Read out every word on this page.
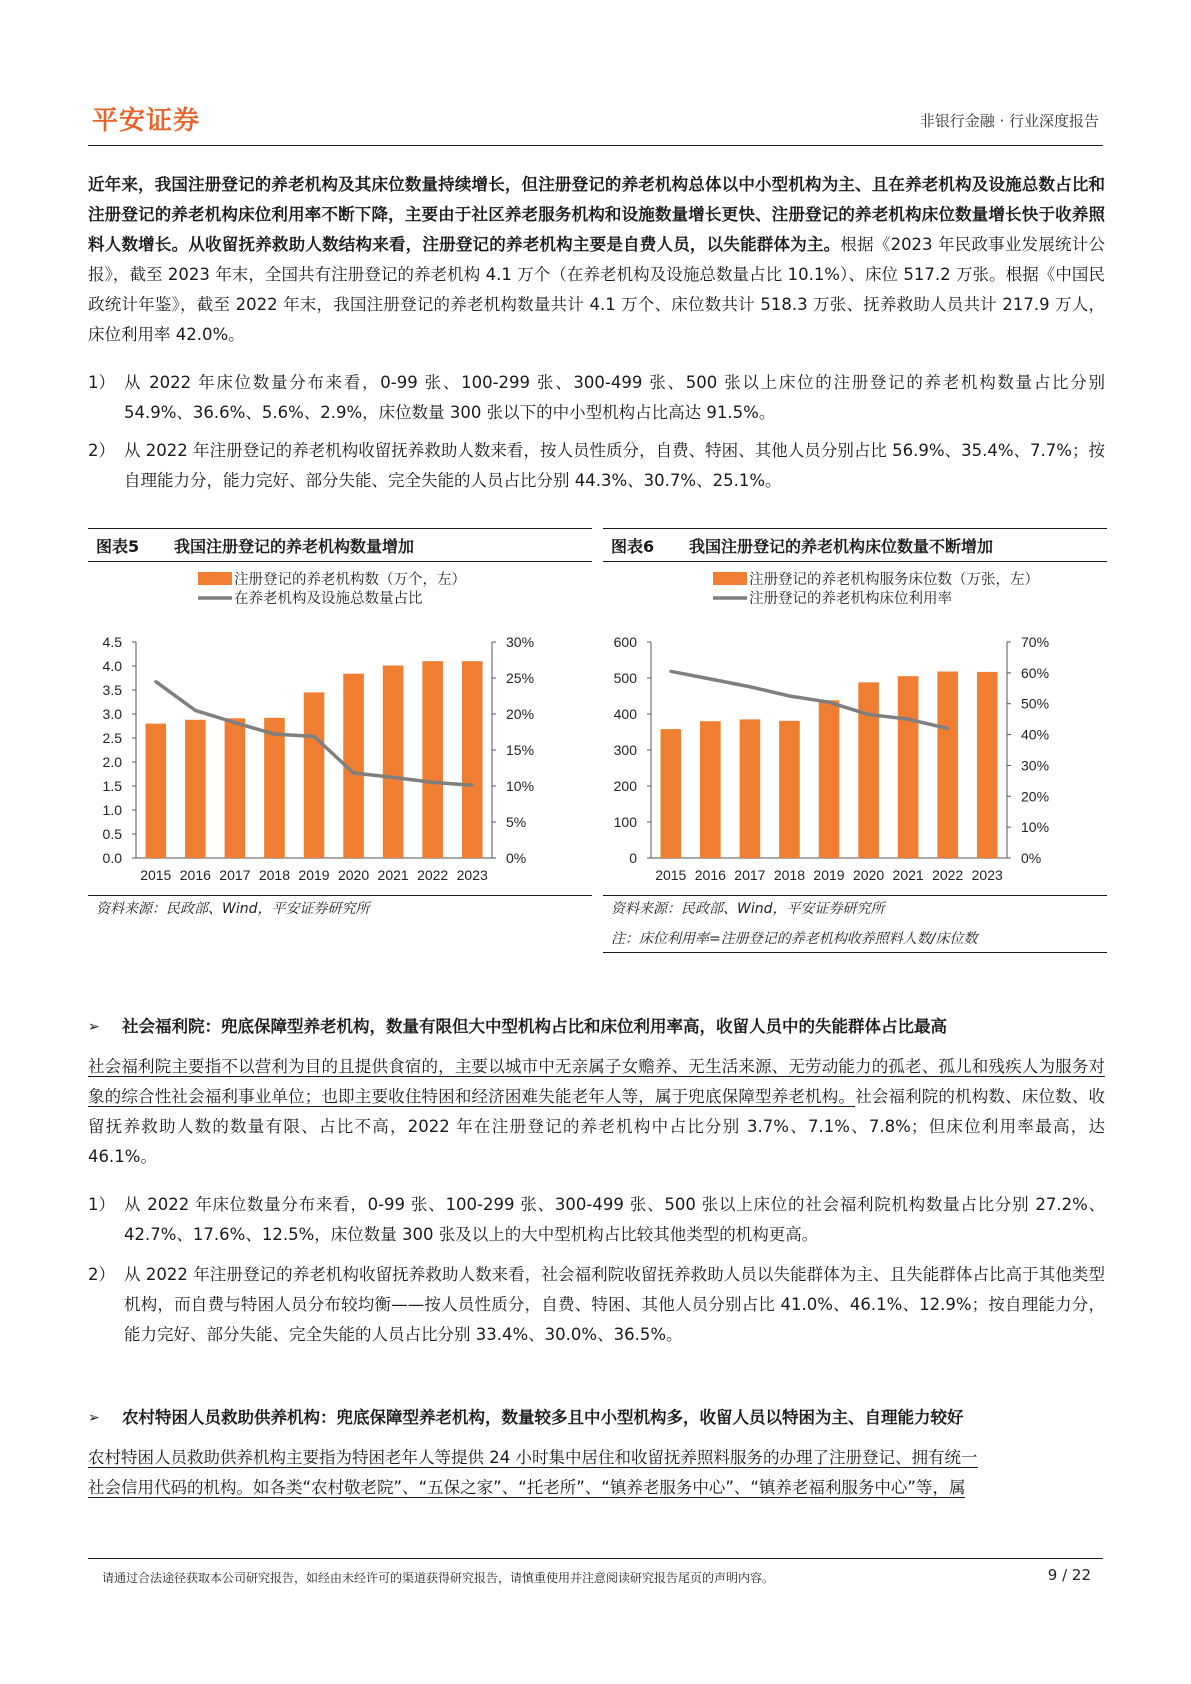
平安证券	非银行金融 · 行业深度报告
近年来，我国注册登记的养老机构及其床位数量持续增长，但注册登记的养老机构总体以中小型机构为主、且在养老机构及设施总数占比和注册登记的养老机构床位利用率不断下降，主要由于社区养老服务机构和设施数量增长更快、注册登记的养老机构床位数量增长快于收养照料人数增长。从收留抚养救助人数结构来看，注册登记的养老机构主要是自费人员，以失能群体为主。根据《2023 年民政事业发展统计公报》，截至 2023 年末，全国共有注册登记的养老机构 4.1 万个（在养老机构及设施总数量占比 10.1%）、床位 517.2 万张。根据《中国民政统计年鉴》，截至 2022 年末，我国注册登记的养老机构数量共计 4.1 万个、床位数共计 518.3 万张、抚养救助人员共计 217.9 万人，床位利用率 42.0%。
1） 从 2022 年床位数量分布来看，0-99 张、100-299 张、300-499 张、500 张以上床位的注册登记的养老机构数量占比分别 54.9%、36.6%、5.6%、2.9%，床位数量 300 张以下的中小型机构占比高达 91.5%。
2） 从 2022 年注册登记的养老机构收留抚养救助人数来看，按人员性质分，自费、特困、其他人员分别占比 56.9%、35.4%、7.7%；按自理能力分，能力完好、部分失能、完全失能的人员占比分别 44.3%、30.7%、25.1%。
图表5	我国注册登记的养老机构数量增加
4.5
4.0
3.5
3.0
2.5
2.0
1.5
1.0
0.5
0.0
30%
25%
20%
15%
10%
5%
0%
2015 2016 2017 2018 2019 2020 2021 2022 2023
注册登记的养老机构数（万个，左）
在养老机构及设施总数量占比
资料来源：民政部、Wind，平安证券研究所
图表6	我国注册登记的养老机构床位数量不断增加
600
500
400
300
200
100
0
70%
60%
50%
40%
30%
20%
10%
0%
2015 2016 2017 2018 2019 2020 2021 2022 2023
注册登记的养老机构服务床位数（万张，左）
注册登记的养老机构床位利用率
资料来源：民政部、Wind，平安证券研究所
注：床位利用率=注册登记的养老机构收养照料人数/床位数
➢	社会福利院：兜底保障型养老机构，数量有限但大中型机构占比和床位利用率高，收留人员中的失能群体占比最高
社会福利院主要指不以营利为目的且提供食宿的，主要以城市中无亲属子女赡养、无生活来源、无劳动能力的孤老、孤儿和残疾人为服务对象的综合性社会福利事业单位；也即主要收住特困和经济困难失能老年人等，属于兜底保障型养老机构。社会福利院的机构数、床位数、收留抚养救助人数的数量有限、占比不高，2022 年在注册登记的养老机构中占比分别 3.7%、7.1%、7.8%；但床位利用率最高，达 46.1%。
1） 从 2022 年床位数量分布来看，0-99 张、100-299 张、300-499 张、500 张以上床位的社会福利院机构数量占比分别 27.2%、42.7%、17.6%、12.5%，床位数量 300 张及以上的大中型机构占比较其他类型的机构更高。
2） 从 2022 年注册登记的养老机构收留抚养救助人数来看，社会福利院收留抚养救助人员以失能群体为主、且失能群体占比高于其他类型机构，而自费与特困人员分布较均衡——按人员性质分，自费、特困、其他人员分别占比 41.0%、46.1%、12.9%；按自理能力分，能力完好、部分失能、完全失能的人员占比分别 33.4%、30.0%、36.5%。
➢	农村特困人员救助供养机构：兜底保障型养老机构，数量较多且中小型机构多，收留人员以特困为主、自理能力较好
农村特困人员救助供养机构主要指为特困老年人等提供 24 小时集中居住和收留抚养照料服务的办理了注册登记、拥有统一
社会信用代码的机构。如各类“农村敬老院”、“五保之家”、“托老所”、“镇养老服务中心”、“镇养老福利服务中心”等，属
请通过合法途径获取本公司研究报告，如经由未经许可的渠道获得研究报告，请慎重使用并注意阅读研究报告尾页的声明内容。	9 / 22
